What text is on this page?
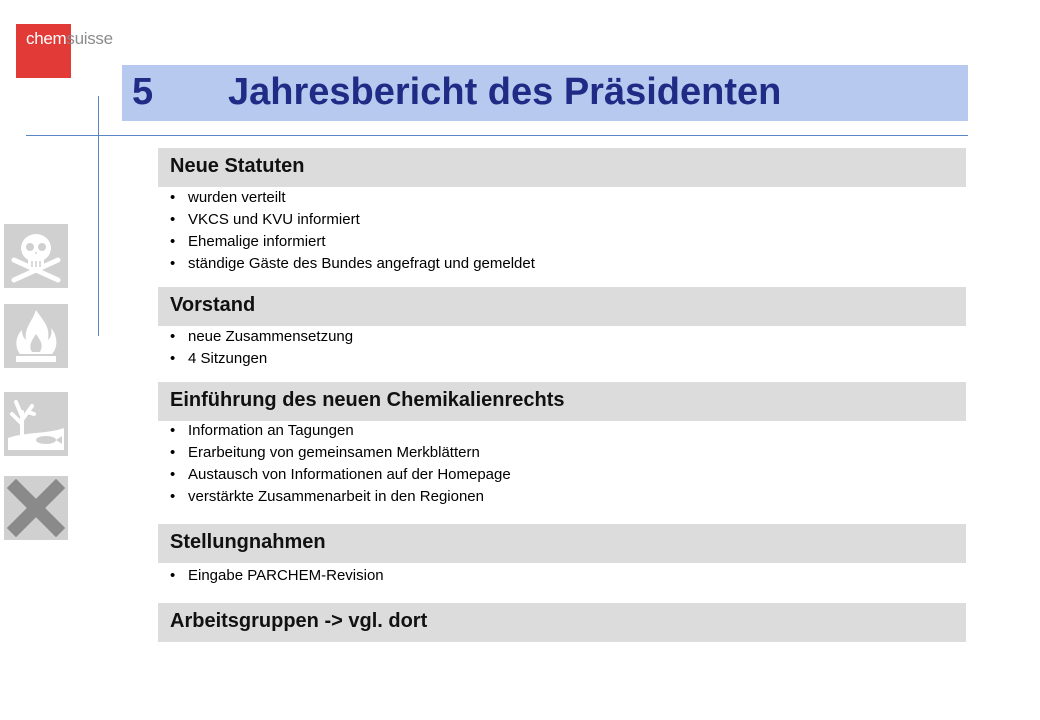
chemsuisse
5 Jahresbericht des Präsidenten
Neue Statuten
• wurden verteilt
• VKCS und KVU informiert
• Ehemalige informiert
• ständige Gäste des Bundes angefragt und gemeldet
Vorstand
• neue Zusammensetzung
• 4 Sitzungen
Einführung des neuen Chemikalienrechts
• Information an Tagungen
• Erarbeitung von gemeinsamen Merkblättern
• Austausch von Informationen auf der Homepage
• verstärkte Zusammenarbeit in den Regionen
Stellungnahmen
• Eingabe PARCHEM-Revision
Arbeitsgruppen -> vgl. dort
